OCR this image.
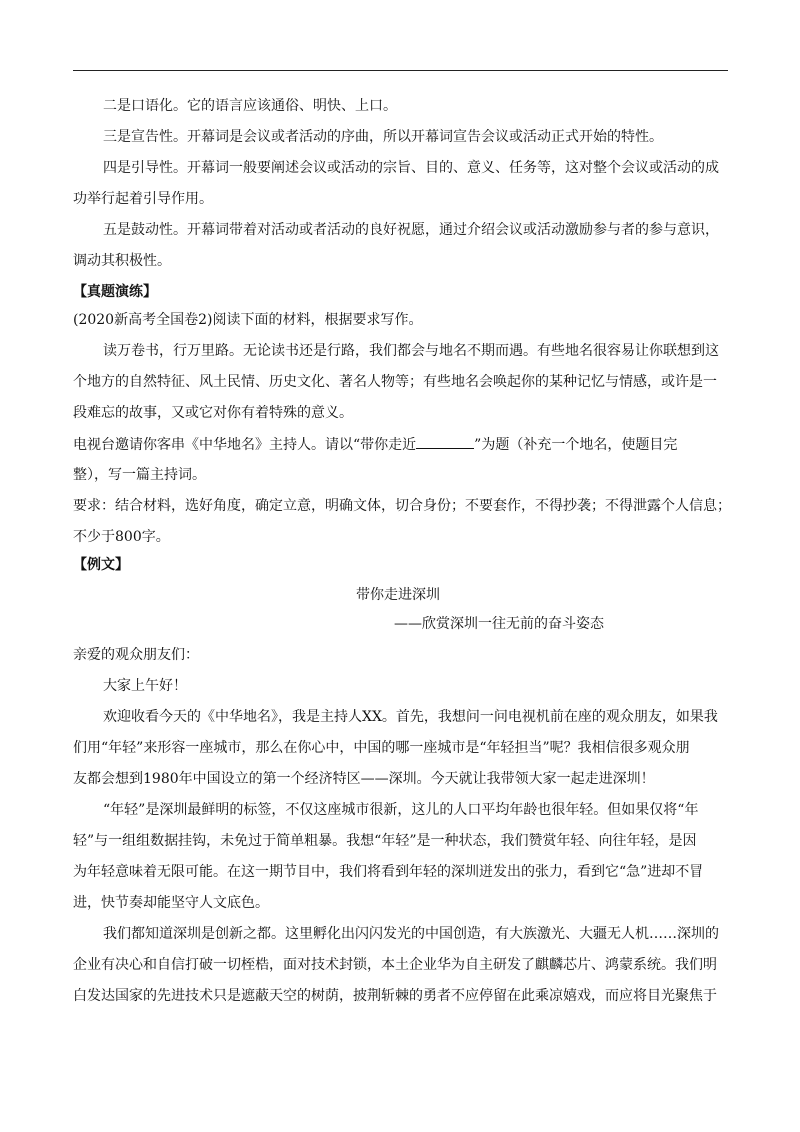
二是口语化。它的语言应该通俗、明快、上口。
三是宣告性。开幕词是会议或者活动的序曲，所以开幕词宣告会议或活动正式开始的特性。
四是引导性。开幕词一般要阐述会议或活动的宗旨、目的、意义、任务等，这对整个会议或活动的成
功举行起着引导作用。
五是鼓动性。开幕词带着对活动或者活动的良好祝愿，通过介绍会议或活动激励参与者的参与意识，
调动其积极性。
【真题演练】
(2020新高考全国卷2)阅读下面的材料，根据要求写作。
读万卷书，行万里路。无论读书还是行路，我们都会与地名不期而遇。有些地名很容易让你联想到这
个地方的自然特征、风土民情、历史文化、著名人物等；有些地名会唤起你的某种记忆与情感，或许是一
段难忘的故事，又或它对你有着特殊的意义。
电视台邀请你客串《中华地名》主持人。请以“带你走近	”为题（补充一个地名，使题目完
整），写一篇主持词。
要求：结合材料，选好角度，确定立意，明确文体，切合身份；不要套作，不得抄袭；不得泄露个人信息；
不少于800字。
【例文】
带你走进深圳
——欣赏深圳一往无前的奋斗姿态
亲爱的观众朋友们：
大家上午好！
欢迎收看今天的《中华地名》，我是主持人XX。首先，我想问一问电视机前在座的观众朋友，如果我
们用“年轻”来形容一座城市，那么在你心中，中国的哪一座城市是“年轻担当”呢？我相信很多观众朋
友都会想到1980年中国设立的第一个经济特区——深圳。今天就让我带领大家一起走进深圳！
“年轻”是深圳最鲜明的标签，不仅这座城市很新，这儿的人口平均年龄也很年轻。但如果仅将“年
轻”与一组组数据挂钩，未免过于简单粗暴。我想“年轻”是一种状态，我们赞赏年轻、向往年轻，是因
为年轻意味着无限可能。在这一期节目中，我们将看到年轻的深圳迸发出的张力，看到它“急”进却不冒
进，快节奏却能坚守人文底色。
我们都知道深圳是创新之都。这里孵化出闪闪发光的中国创造，有大族激光、大疆无人机……深圳的
企业有决心和自信打破一切桎梏，面对技术封锁，本土企业华为自主研发了麒麟芯片、鸿蒙系统。我们明
白发达国家的先进技术只是遮蔽天空的树荫，披荆斩棘的勇者不应停留在此乘凉嬉戏，而应将目光聚焦于
